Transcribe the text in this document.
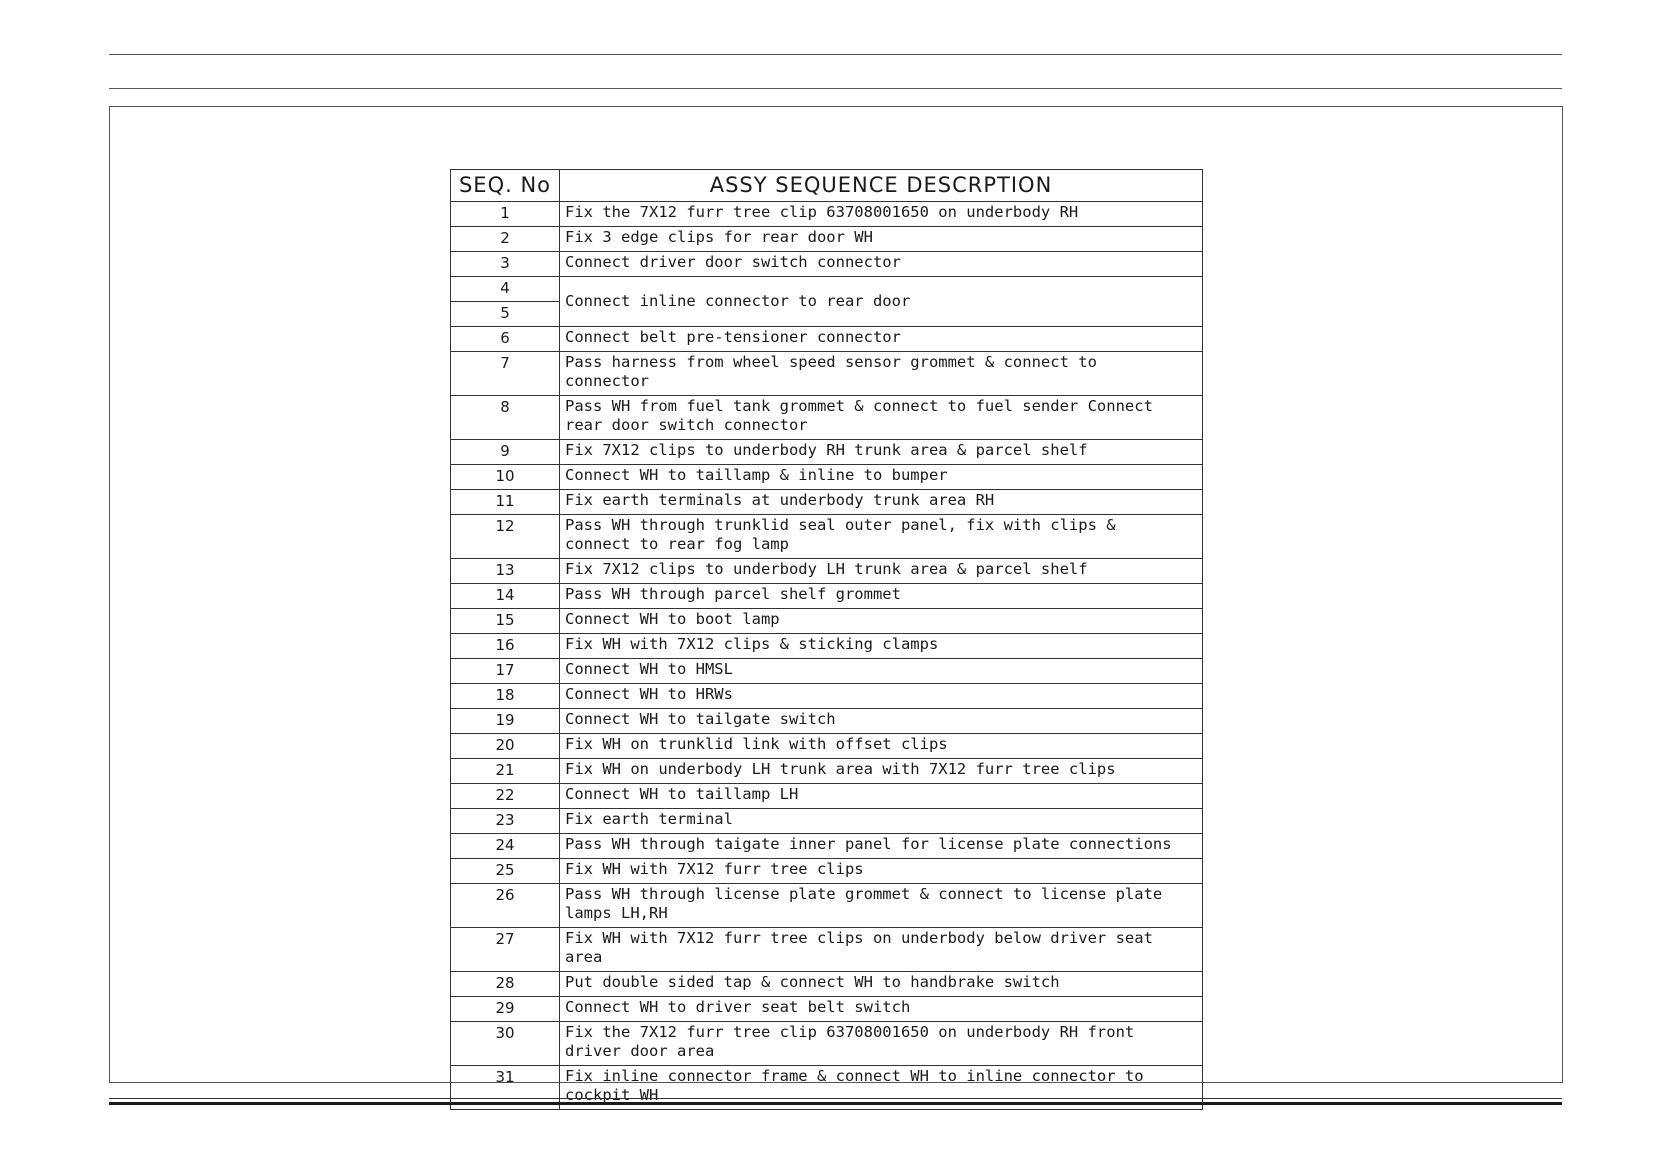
SEQ. No	ASSY SEQUENCE DESCRPTION
1	Fix the 7X12 furr tree clip 63708001650 on underbody RH
2	Fix 3 edge clips for rear door WH
3	Connect driver door switch connector
4	Connect inline connector to rear door
5	
6	Connect belt pre-tensioner connector
7	Pass harness from wheel speed sensor grommet & connect to
connector
8	Pass WH from fuel tank grommet & connect to fuel sender Connect
rear door switch connector
9	Fix 7X12 clips to underbody RH trunk area & parcel shelf
10	Connect WH to taillamp & inline to bumper
11	Fix earth terminals at underbody trunk area RH
12	Pass WH through trunklid seal outer panel, fix with clips &
connect to rear fog lamp
13	Fix 7X12 clips to underbody LH trunk area & parcel shelf
14	Pass WH through parcel shelf grommet
15	Connect WH to boot lamp
16	Fix WH with 7X12 clips & sticking clamps
17	Connect WH to HMSL
18	Connect WH to HRWs
19	Connect WH to tailgate switch
20	Fix WH on trunklid link with offset clips
21	Fix WH on underbody LH trunk area with 7X12 furr tree clips
22	Connect WH to taillamp LH
23	Fix earth terminal
24	Pass WH through taigate inner panel for license plate connections
25	Fix WH with 7X12 furr tree clips
26	Pass WH through license plate grommet & connect to license plate
lamps LH,RH
27	Fix WH with 7X12 furr tree clips on underbody below driver seat
area
28	Put double sided tap & connect WH to handbrake switch
29	Connect WH to driver seat belt switch
30	Fix the 7X12 furr tree clip 63708001650 on underbody RH front
driver door area
31	Fix inline connector frame & connect WH to inline connector to
cockpit WH
